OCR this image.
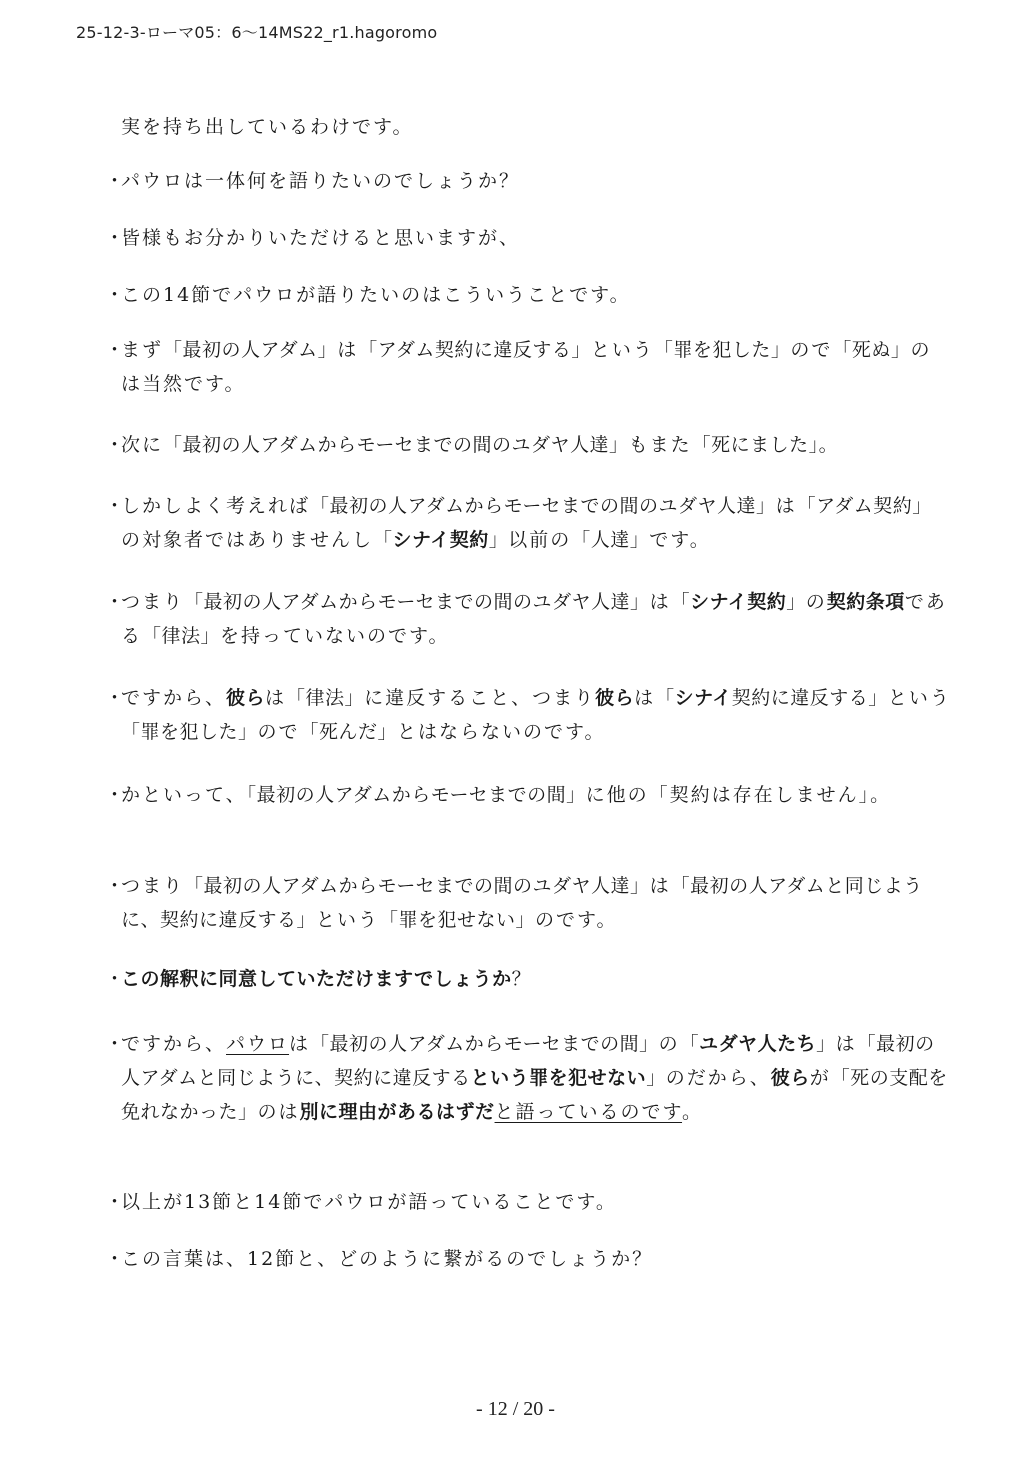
25-12-3-ローマ05：6～14MS22_r1.hagoromo
実を持ち出しているわけです。
・
パウロは一体何を語りたいのでしょうか？
・
皆様もお分かりいただけると思いますが、
・
この14節でパウロが語りたいのはこういうことです。
・
まず「最初の人アダム」は「アダム契約に違反する」という「罪を犯した」ので「死ぬ」のは当然です。
・
次に「最初の人アダムからモーセまでの間のユダヤ人達」もまた「死にました」。
・
しかしよく考えれば「最初の人アダムからモーセまでの間のユダヤ人達」は「アダム契約」の対象者ではありませんし「シナイ契約」以前の「人達」です。
・
つまり「最初の人アダムからモーセまでの間のユダヤ人達」は「シナイ契約」の契約条項である「律法」を持っていないのです。
・
ですから、彼らは「律法」に違反すること、つまり彼らは「シナイ契約に違反する」という「罪を犯した」ので「死んだ」とはならないのです。
・
かといって、「最初の人アダムからモーセまでの間」に他の「契約は存在しません」。
・
つまり「最初の人アダムからモーセまでの間のユダヤ人達」は「最初の人アダムと同じように、契約に違反する」という「罪を犯せない」のです。
・
この解釈に同意していただけますでしょうか？
・
ですから、パウロは「最初の人アダムからモーセまでの間」の「ユダヤ人たち」は「最初の人アダムと同じように、契約に違反するという罪を犯せない」のだから、彼らが「死の支配を免れなかった」のは別に理由があるはずだと語っているのです。
・
以上が13節と14節でパウロが語っていることです。
・
この言葉は、12節と、どのように繋がるのでしょうか？
- 12 / 20 -
